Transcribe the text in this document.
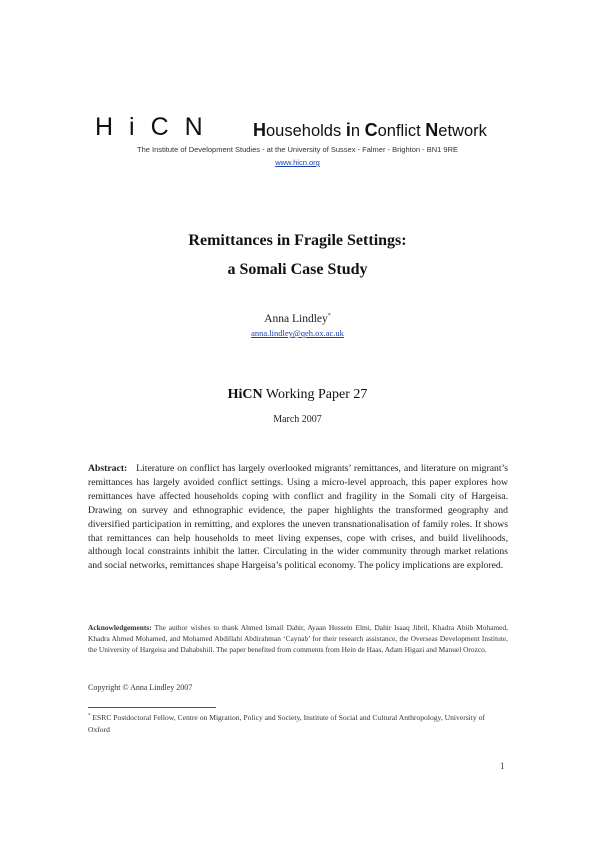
HiCN	Households in Conflict Network
The Institute of Development Studies - at the University of Sussex - Falmer - Brighton - BN1 9RE
www.hicn.org
Remittances in Fragile Settings:
a Somali Case Study
Anna Lindley*
anna.lindley@qeh.ox.ac.uk
HiCN Working Paper 27
March 2007
Abstract: Literature on conflict has largely overlooked migrants’ remittances, and literature on migrant’s remittances has largely avoided conflict settings. Using a micro-level approach, this paper explores how remittances have affected households coping with conflict and fragility in the Somali city of Hargeisa. Drawing on survey and ethnographic evidence, the paper highlights the transformed geography and diversified participation in remitting, and explores the uneven transnationalisation of family roles. It shows that remittances can help households to meet living expenses, cope with crises, and build livelihoods, although local constraints inhibit the latter. Circulating in the wider community through market relations and social networks, remittances shape Hargeisa’s political economy. The policy implications are explored.
Acknowledgements: The author wishes to thank Ahmed Ismail Dahir, Ayaan Hussein Elmi, Dahir Isaaq Jibril, Khadra Abiib Mohamed, Khadra Ahmed Mohamed, and Mohamed Abdillahi Abdirahman ‘Caynab’ for their research assistance, the Overseas Development Institute, the University of Hargeisa and Dahabshiil. The paper benefited from comments from Hein de Haas, Adam Higazi and Manuel Orozco.
Copyright © Anna Lindley 2007
* ESRC Postdoctoral Fellow, Centre on Migration, Policy and Society, Institute of Social and Cultural Anthropology, University of Oxford
1
